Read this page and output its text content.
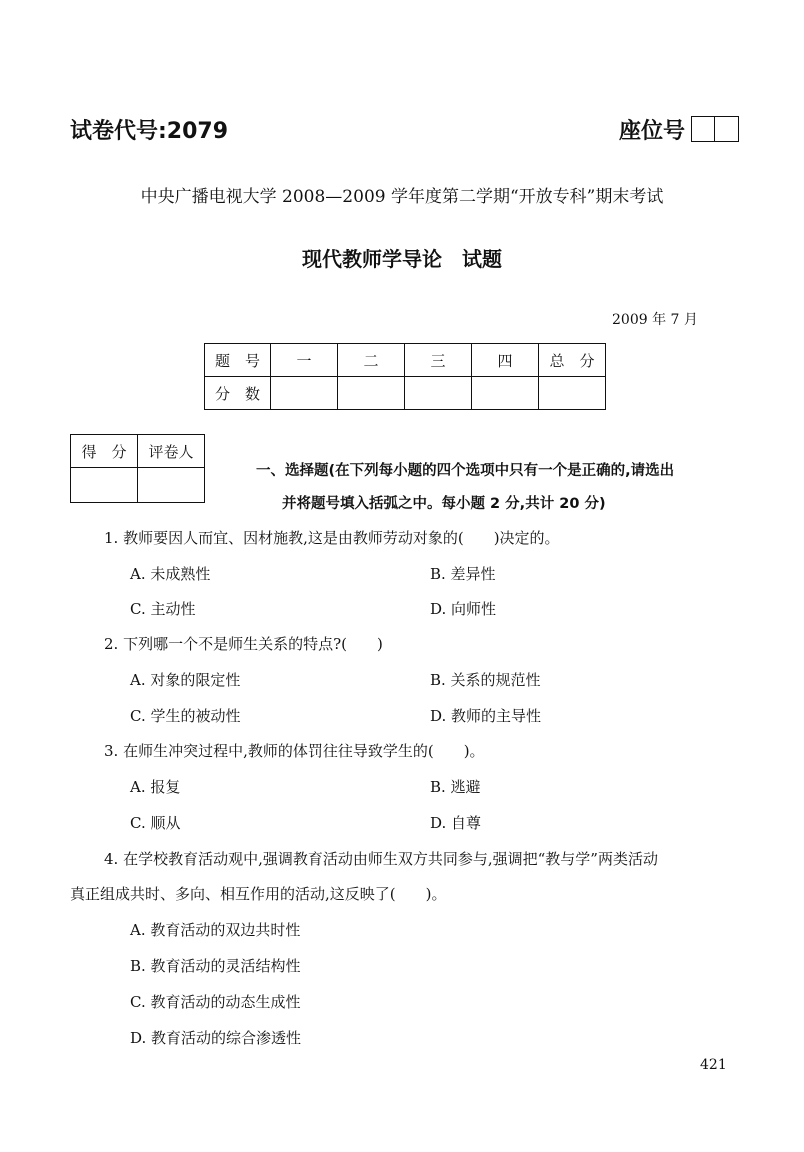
试卷代号:2079	座位号
中央广播电视大学 2008—2009 学年度第二学期“开放专科”期末考试
现代教师学导论　试题
2009 年 7 月
题　号	一	二	三	四	总　分
分　数					
得　分	评卷人

一、选择题(在下列每小题的四个选项中只有一个是正确的,请选出
并将题号填入括弧之中。每小题 2 分,共计 20 分)
1. 教师要因人而宜、因材施教,这是由教师劳动对象的(　　)决定的。
A. 未成熟性	B. 差异性
C. 主动性	D. 向师性
2. 下列哪一个不是师生关系的特点?(　　)
A. 对象的限定性	B. 关系的规范性
C. 学生的被动性	D. 教师的主导性
3. 在师生冲突过程中,教师的体罚往往导致学生的(　　)。
A. 报复	B. 逃避
C. 顺从	D. 自尊
4. 在学校教育活动观中,强调教育活动由师生双方共同参与,强调把“教与学”两类活动
真正组成共时、多向、相互作用的活动,这反映了(　　)。
A. 教育活动的双边共时性
B. 教育活动的灵活结构性
C. 教育活动的动态生成性
D. 教育活动的综合渗透性
421
